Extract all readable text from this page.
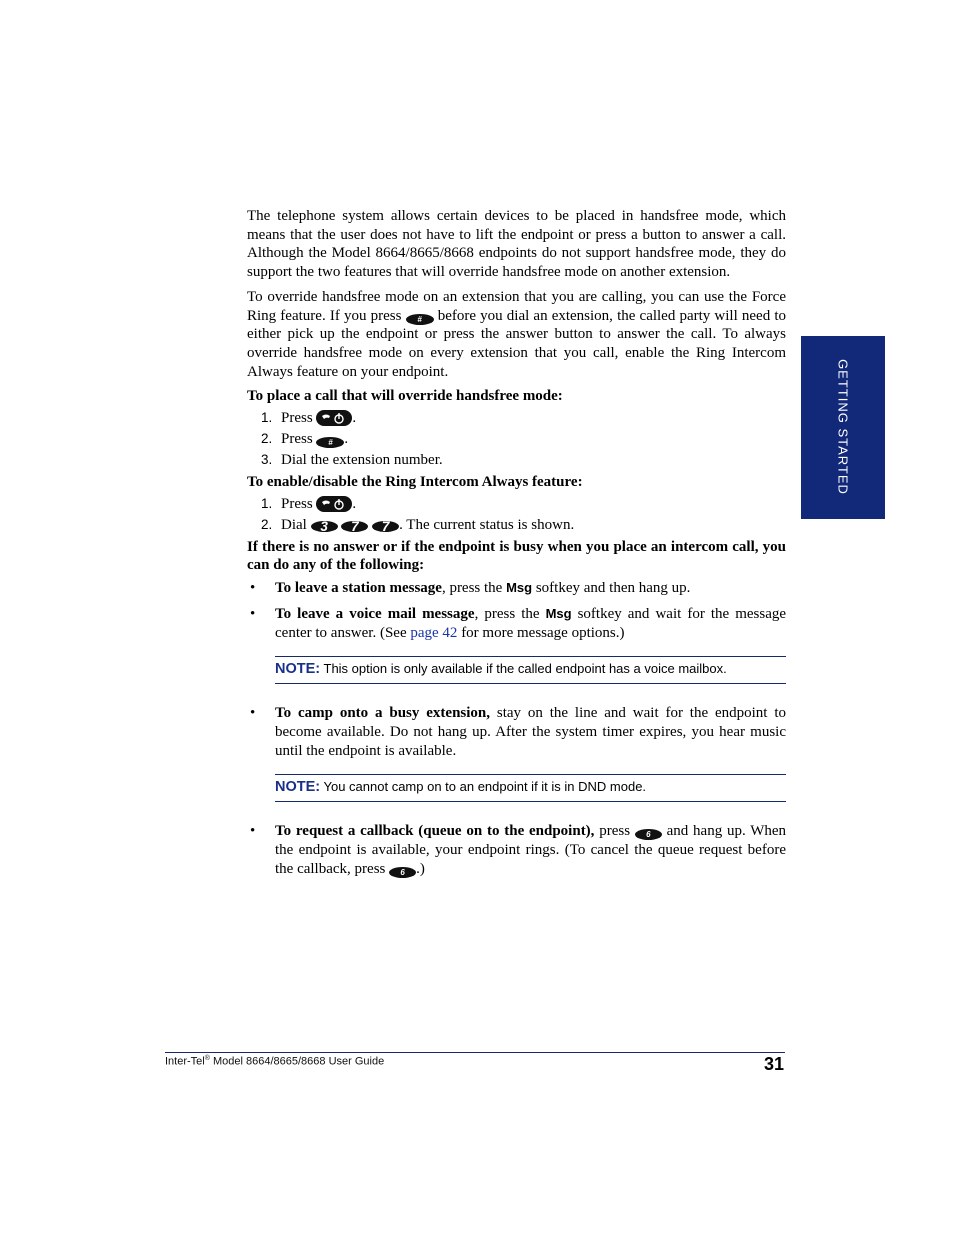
The telephone system allows certain devices to be placed in handsfree mode, which means that the user does not have to lift the endpoint or press a button to answer a call. Although the Model 8664/8665/8668 endpoints do not support handsfree mode, they do support the two features that will override handsfree mode on another extension.

To override handsfree mode on an extension that you are calling, you can use the Force Ring feature. If you press # before you dial an extension, the called party will need to either pick up the endpoint or press the answer button to answer the call. To always override handsfree mode on every extension that you call, enable the Ring Intercom Always feature on your endpoint.

To place a call that will override handsfree mode:

1. Press	.
2. Press # .
3. Dial the extension number.

To enable/disable the Ring Intercom Always feature:

1. Press	.
2. Dial 3 7 7 . The current status is shown.

If there is no answer or if the endpoint is busy when you place an intercom call, you can do any of the following:

• To leave a station message, press the Msg softkey and then hang up.
• To leave a voice mail message, press the Msg softkey and wait for the message center to answer. (See page 42 for more message options.)
NOTE: This option is only available if the called endpoint has a voice mailbox.
• To camp onto a busy extension, stay on the line and wait for the endpoint to become available. Do not hang up. After the system timer expires, you hear music until the endpoint is available.
NOTE: You cannot camp on to an endpoint if it is in DND mode.
• To request a callback (queue on to the endpoint), press 6 and hang up. When the endpoint is available, your endpoint rings. (To cancel the queue request before the callback, press 6 .)
GETTING STARTED
Inter-Tel® Model 8664/8665/8668 User Guide	31
